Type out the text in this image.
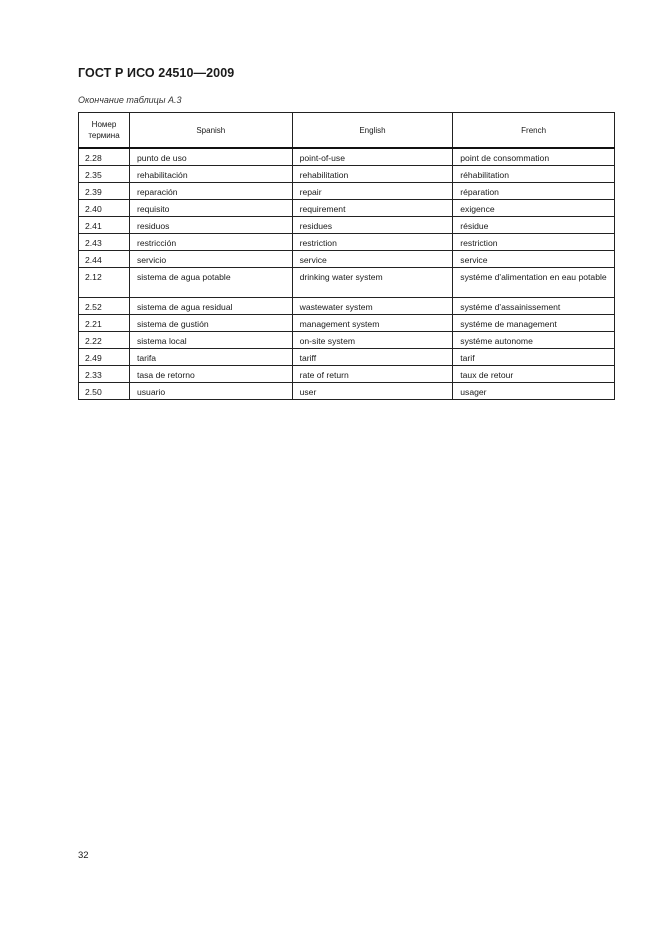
ГОСТ Р ИСО 24510—2009
Окончание таблицы А.3
Номер термина	Spanish	English	French
2.28	punto de uso	point-of-use	point de consommation
2.35	rehabilitación	rehabilitation	réhabilitation
2.39	reparación	repair	réparation
2.40	requisito	requirement	exigence
2.41	residuos	residues	résidue
2.43	restricción	restriction	restriction
2.44	servicio	service	service
2.12	sistema de agua potable	drinking water system	systéme d'alimentation en eau potable
2.52	sistema de agua residual	wastewater system	systéme d'assainissement
2.21	sistema de gustión	management system	systéme de management
2.22	sistema local	on-site system	systéme autonome
2.49	tarifa	tariff	tarif
2.33	tasa de retorno	rate of return	taux de retour
2.50	usuario	user	usager
32
